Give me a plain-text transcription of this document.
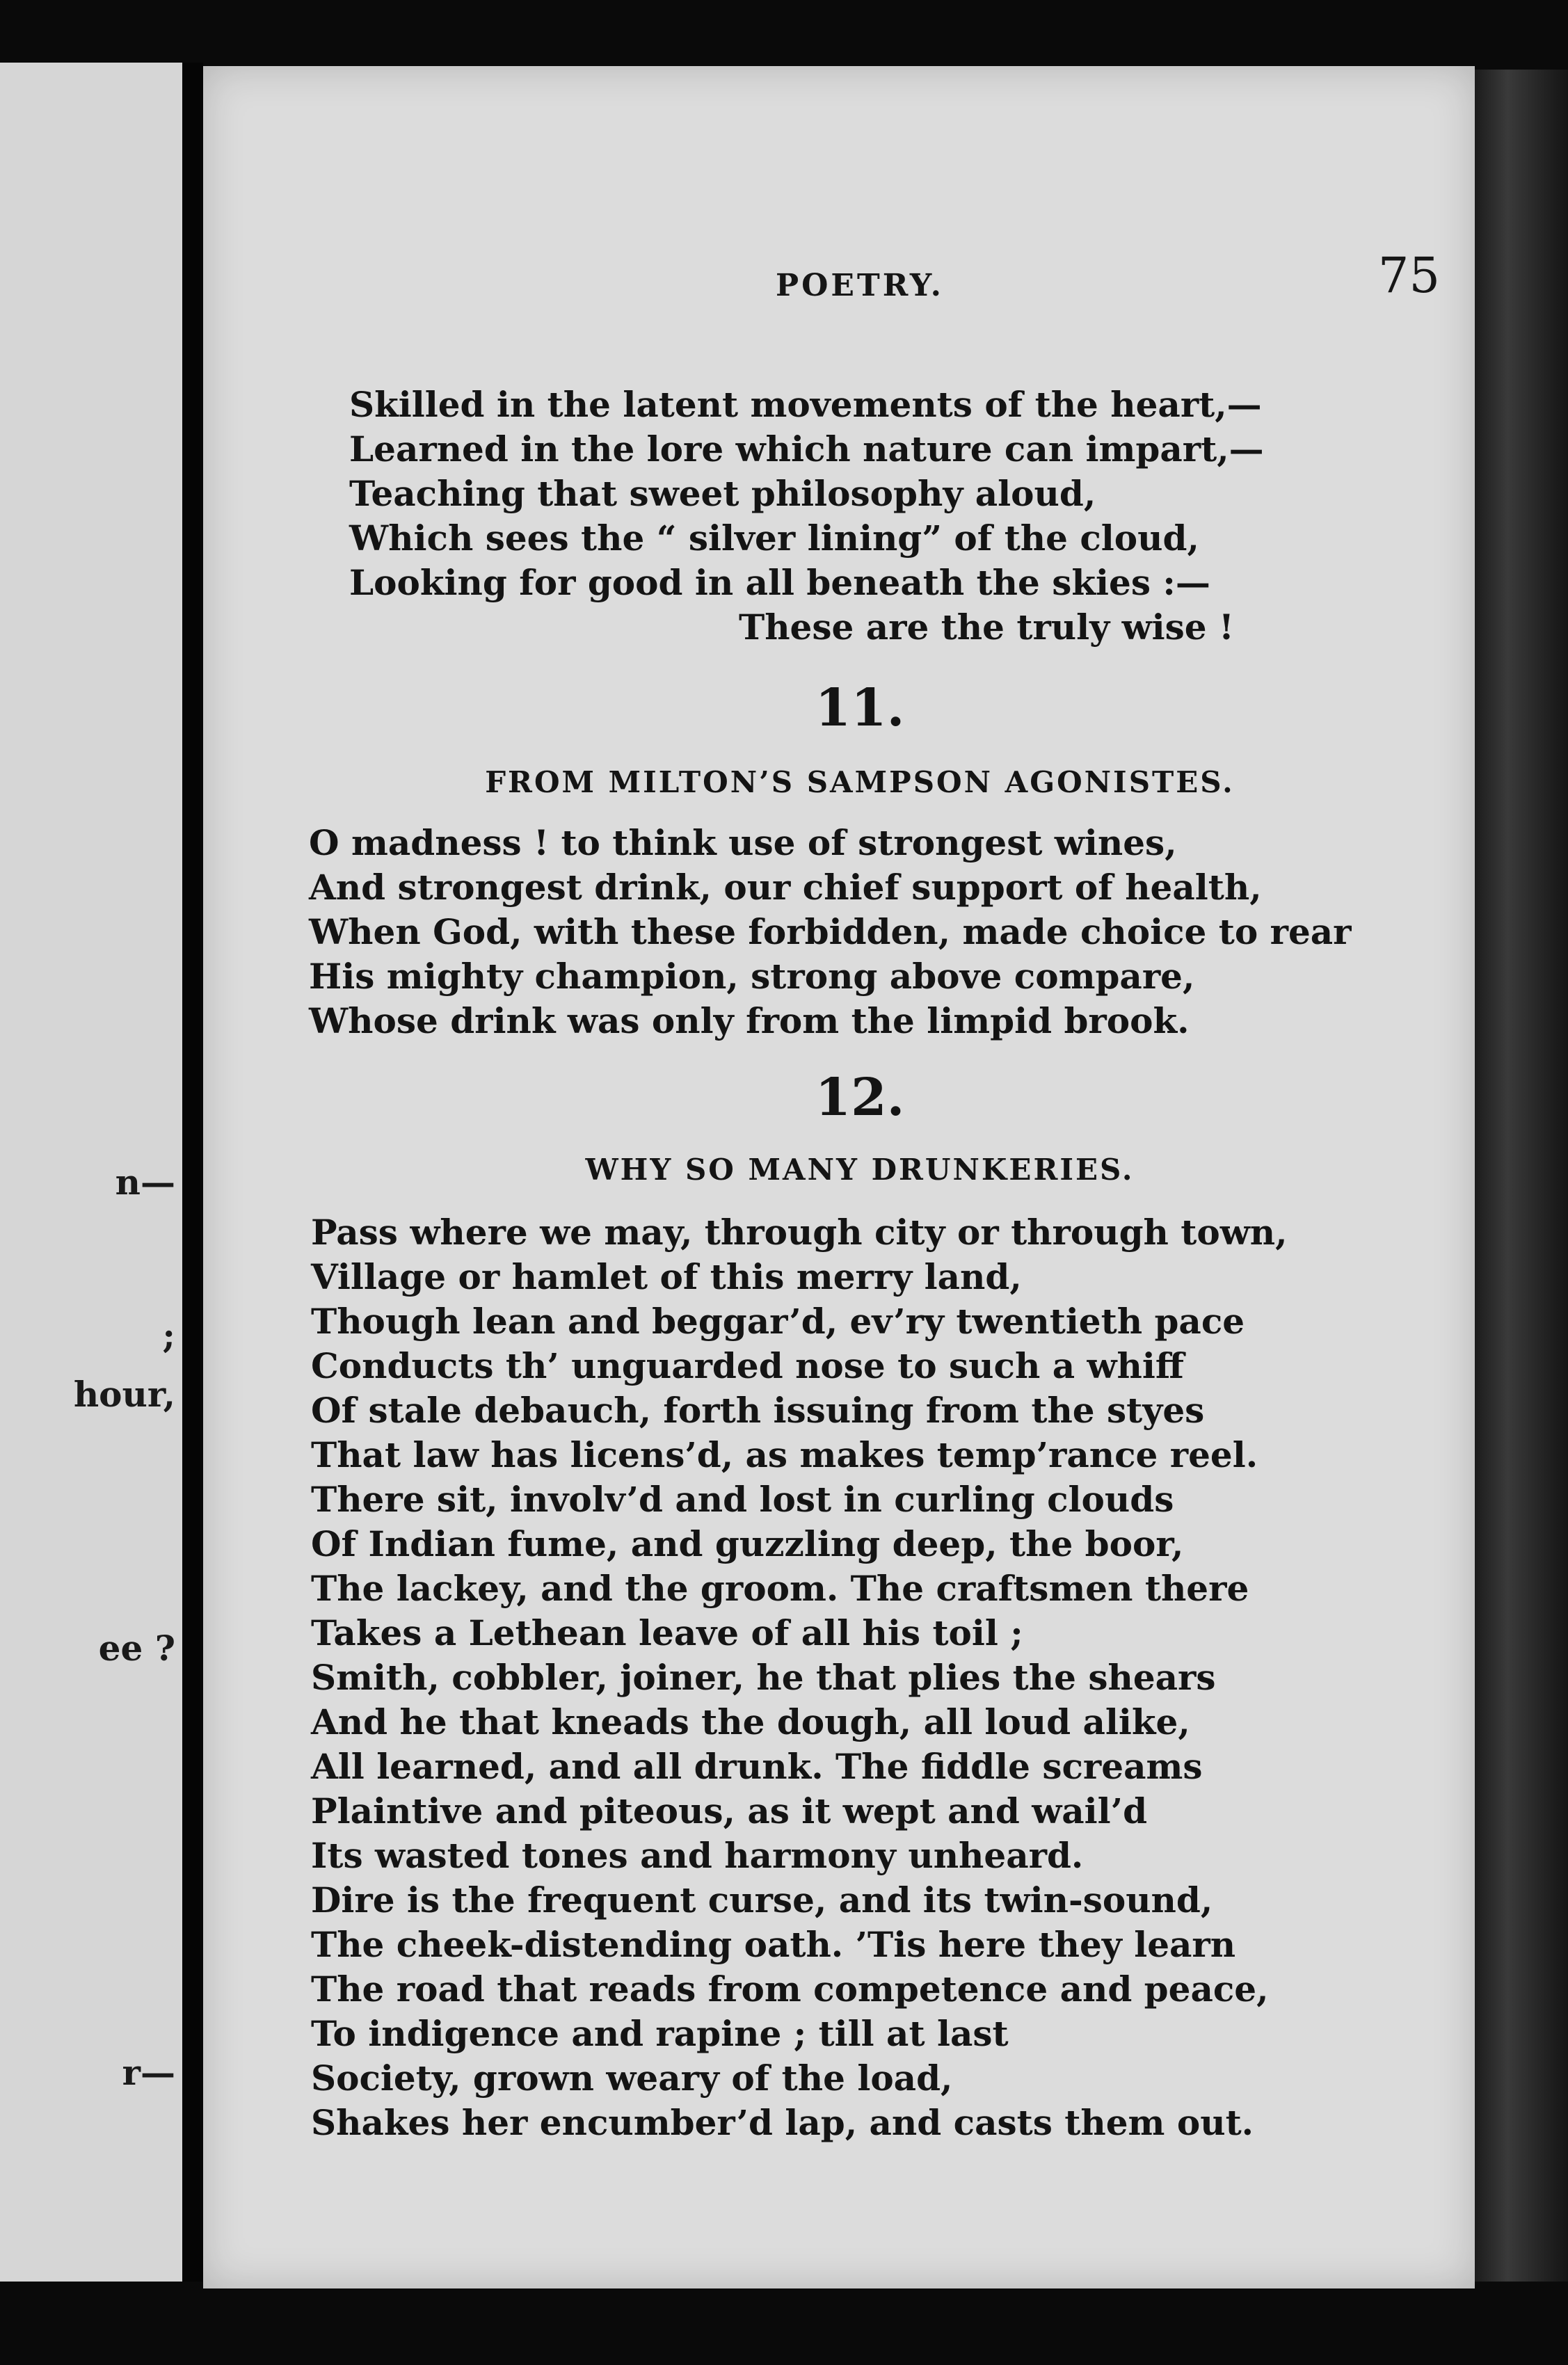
n—
;
hour,
ee ?
r—
POETRY.	75
Skilled in the latent movements of the heart,—
Learned in the lore which nature can impart,—
Teaching that sweet philosophy aloud,
Which sees the “ silver lining” of the cloud,
Looking for good in all beneath the skies :—
These are the truly wise !
11.
FROM MILTON’S SAMPSON AGONISTES.
O madness ! to think use of strongest wines,
And strongest drink, our chief support of health,
When God, with these forbidden, made choice to rear
His mighty champion, strong above compare,
Whose drink was only from the limpid brook.
12.
WHY SO MANY DRUNKERIES.
Pass where we may, through city or through town,
Village or hamlet of this merry land,
Though lean and beggar’d, ev’ry twentieth pace
Conducts th’ unguarded nose to such a whiff
Of stale debauch, forth issuing from the styes
That law has licens’d, as makes temp’rance reel.
There sit, involv’d and lost in curling clouds
Of Indian fume, and guzzling deep, the boor,
The lackey, and the groom. The craftsmen there
Takes a Lethean leave of all his toil ;
Smith, cobbler, joiner, he that plies the shears
And he that kneads the dough, all loud alike,
All learned, and all drunk. The fiddle screams
Plaintive and piteous, as it wept and wail’d
Its wasted tones and harmony unheard.
Dire is the frequent curse, and its twin-sound,
The cheek-distending oath. ’Tis here they learn
The road that reads from competence and peace,
To indigence and rapine ; till at last
Society, grown weary of the load,
Shakes her encumber’d lap, and casts them out.
